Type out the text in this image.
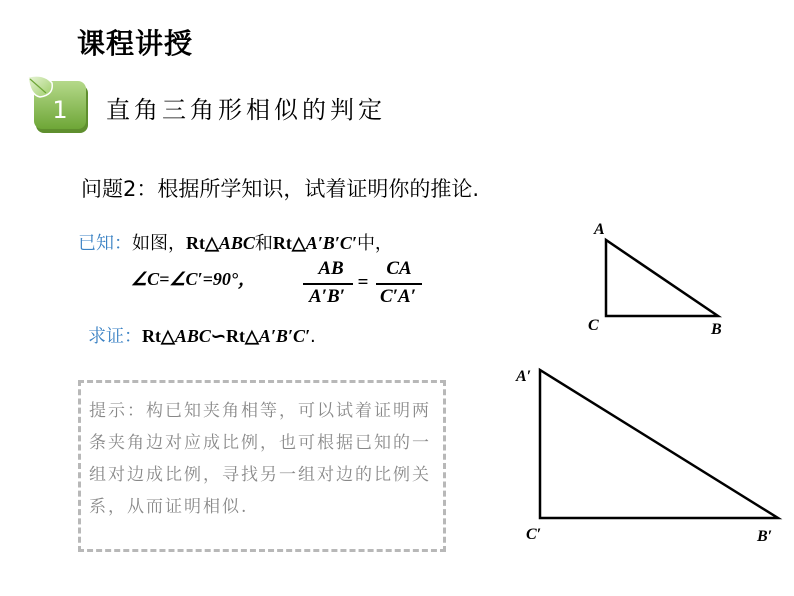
课程讲授
1 直角三角形相似的判定
问题2：根据所学知识，试着证明你的推论.
已知：如图，Rt△ABC和Rt△A′B′C′中，
∠C=∠C′=90°，	AB
A′B′
=
CA
C′A′
求证：Rt△ABC∽Rt△A′B′C′.
提示：构已知夹角相等，可以试着证明两条夹角边对应成比例，也可根据已知的一组对边成比例，寻找另一组对边的比例关系，从而证明相似.
A
C	B
A′
C′	B′
